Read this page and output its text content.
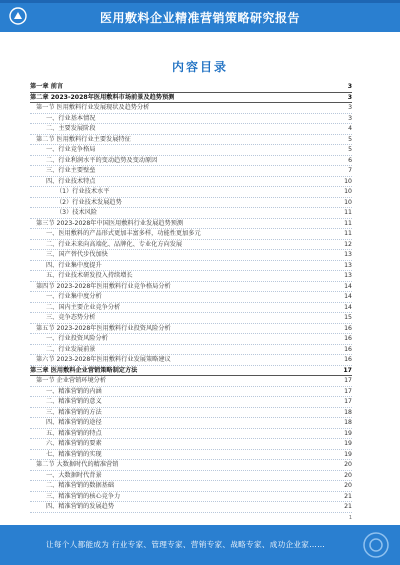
医用敷料企业精准营销策略研究报告
内容目录
第一章 前言	3
第二章 2023-2028年医用敷料市场前景及趋势预测	3
第一节 医用敷料行业发展现状及趋势分析	3
一、行业基本情况	3
二、主要发展阶段	4
第二节 医用敷料行业主要发展特征	5
一、行业竞争格局	5
二、行业利润水平的变动趋势及变动原因	6
三、行业主要壁垒	7
四、行业技术特点	10
（1）行业技术水平	10
（2）行业技术发展趋势	10
（3）技术风险	11
第三节 2023-2028年中国医用敷料行业发展趋势预测	11
一、医用敷料的产品形式更加丰富多样，功能性更加多元	11
二、行业未来向高端化、品牌化、专业化方向发展	12
三、国产替代步伐加快	13
四、行业集中度提升	13
五、行业技术研发投入持续增长	13
第四节 2023-2028年医用敷料行业竞争格局分析	14
一、行业集中度分析	14
二、国内主要企业竞争分析	14
三、竞争态势分析	15
第五节 2023-2028年医用敷料行业投资风险分析	16
一、行业投资风险分析	16
二、行业发展前景	16
第六节 2023-2028年医用敷料行业发展策略建议	16
第三章 医用敷料企业营销策略制定方法	17
第一节 企业营销环境分析	17
一、精准营销的内涵	17
二、精准营销的意义	17
三、精准营销的方法	18
四、精准营销的途径	18
五、精准营销的特点	19
六、精准营销的要素	19
七、精准营销的实现	19
第二节 大数据时代的精准营销	20
一、大数据时代背景	20
二、精准营销的数据基础	20
三、精准营销的核心竞争力	21
四、精准营销的发展趋势	21
1
让每个人都能成为 行业专家、管理专家、营销专家、战略专家、成功企业家……
